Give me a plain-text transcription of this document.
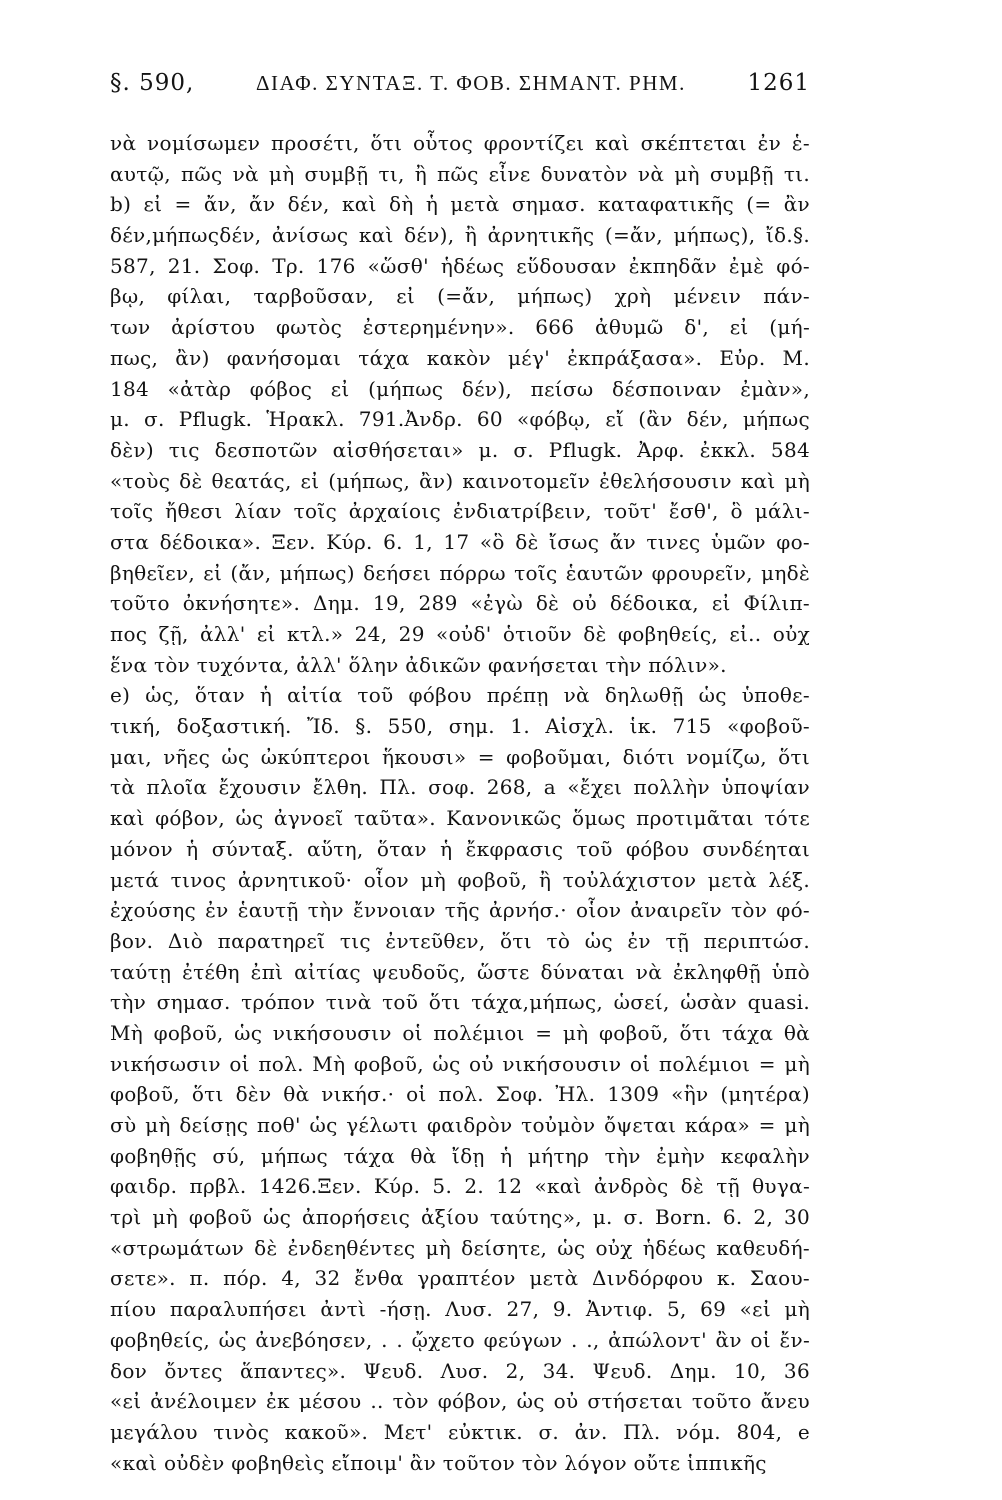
§. 590,	ΔΙΑΦ. ΣΥΝΤΑΞ. Τ. ΦΟΒ. ΣΗΜΑΝΤ. ΡΗΜ.	1261
νὰ νομίσωμεν προσέτι, ὅτι οὗτος φροντίζει καὶ σκέπτεται ἐν ἑ-
αυτῷ, πῶς νὰ μὴ συμβῇ τι, ἢ πῶς εἶνε δυνατὸν νὰ μὴ συμβῇ τι.
b) εἰ = ἄν, ἄν δέν, καὶ δὴ ἡ μετὰ σημασ. καταφατικῆς (= ἂν
δέν,μήπωςδέν, ἀνίσως καὶ δέν), ἢ ἀρνητικῆς (=ἄν, μήπως), ἴδ.§.
587, 21. Σοφ. Τρ. 176 «ὥσθ' ἡδέως εὕδουσαν ἐκπηδᾶν ἐμὲ φό-
βῳ, φίλαι, ταρβοῦσαν, εἰ (=ἄν, μήπως) χρὴ μένειν πάν-
των ἀρίστου φωτὸς ἐστερημένην». 666 ἀθυμῶ δ', εἰ (μή-
πως, ἂν) φανήσομαι τάχα κακὸν μέγ' ἐκπράξασα». Εὐρ. Μ.
184 «ἀτὰρ φόβος εἰ (μήπως δέν), πείσω δέσποιναν ἐμὰν»,
μ. σ. Pflugk. Ἡρακλ. 791.Ἀνδρ. 60 «φόβῳ, εἴ (ἂν δέν, μήπως
δὲν) τις δεσποτῶν αἰσθήσεται» μ. σ. Pflugk. Ἀρφ. ἐκκλ. 584
«τοὺς δὲ θεατάς, εἰ (μήπως, ἂν) καινοτομεῖν ἐθελήσουσιν καὶ μὴ
τοῖς ἤθεσι λίαν τοῖς ἀρχαίοις ἐνδιατρίβειν, τοῦτ' ἔσθ', ὃ μάλι-
στα δέδοικα». Ξεν. Κύρ. 6. 1, 17 «ὃ δὲ ἴσως ἄν τινες ὑμῶν φο-
βηθεῖεν, εἰ (ἄν, μήπως) δεήσει πόρρω τοῖς ἑαυτῶν φρουρεῖν, μηδὲ
τοῦτο ὀκνήσητε». Δημ. 19, 289 «ἐγὼ δὲ οὐ δέδοικα, εἰ Φίλιπ-
πος ζῇ, ἀλλ' εἰ κτλ.» 24, 29 «οὐδ' ὁτιοῦν δὲ φοβηθείς, εἰ.. οὐχ
ἕνα τὸν τυχόντα, ἀλλ' ὅλην ἀδικῶν φανήσεται τὴν πόλιν».
e) ὡς, ὅταν ἡ αἰτία τοῦ φόβου πρέπῃ νὰ δηλωθῇ ὡς ὑποθε-
τική, δοξαστική. Ἴδ. §. 550, σημ. 1. Αἰσχλ. ἱκ. 715 «φοβοῦ-
μαι, νῆες ὡς ὠκύπτεροι ἥκουσι» = φοβοῦμαι, διότι νομίζω, ὅτι
τὰ πλοῖα ἔχουσιν ἔλθη. Πλ. σοφ. 268, a «ἔχει πολλὴν ὑποψίαν
καὶ φόβον, ὡς ἀγνοεῖ ταῦτα». Κανονικῶς ὅμως προτιμᾶται τότε
μόνον ἡ σύνταξ. αὕτη, ὅταν ἡ ἔκφρασις τοῦ φόβου συνδέηται
μετά τινος ἀρνητικοῦ· οἷον μὴ φοβοῦ, ἢ τοὐλάχιστον μετὰ λέξ.
ἐχούσης ἐν ἑαυτῇ τὴν ἔννοιαν τῆς ἀρνήσ.· οἷον ἀναιρεῖν τὸν φό-
βον. Διὸ παρατηρεῖ τις ἐντεῦθεν, ὅτι τὸ ὡς ἐν τῇ περιπτώσ.
ταύτῃ ἐτέθη ἐπὶ αἰτίας ψευδοῦς, ὥστε δύναται νὰ ἐκληφθῇ ὑπὸ
τὴν σημασ. τρόπον τινὰ τοῦ ὅτι τάχα,μήπως, ὡσεί, ὡσὰν quasi.
Μὴ φοβοῦ, ὡς νικήσουσιν οἱ πολέμιοι = μὴ φοβοῦ, ὅτι τάχα θὰ
νικήσωσιν οἱ πολ. Μὴ φοβοῦ, ὡς οὐ νικήσουσιν οἱ πολέμιοι = μὴ
φοβοῦ, ὅτι δὲν θὰ νικήσ.· οἱ πολ. Σοφ. Ἠλ. 1309 «ἣν (μητέρα)
σὺ μὴ δείσῃς ποθ' ὡς γέλωτι φαιδρὸν τοὐμὸν ὄψεται κάρα» = μὴ
φοβηθῇς σύ, μήπως τάχα θὰ ἴδῃ ἡ μήτηρ τὴν ἐμὴν κεφαλὴν
φαιδρ. πρβλ. 1426.Ξεν. Κύρ. 5. 2. 12 «καὶ ἀνδρὸς δὲ τῇ θυγα-
τρὶ μὴ φοβοῦ ὡς ἀπορήσεις ἀξίου ταύτης», μ. σ. Born. 6. 2, 30
«στρωμάτων δὲ ἐνδεηθέντες μὴ δείσητε, ὡς οὐχ ἡδέως καθευδή-
σετε». π. πόρ. 4, 32 ἔνθα γραπτέον μετὰ Δινδόρφου κ. Σαου-
πίου παραλυπήσει ἀντὶ -ήσῃ. Λυσ. 27, 9. Ἀντιφ. 5, 69 «εἰ μὴ
φοβηθείς, ὡς ἀνεβόησεν, . . ᾤχετο φεύγων . ., ἀπώλοντ' ἂν οἱ ἔν-
δον ὄντες ἅπαντες». Ψευδ. Λυσ. 2, 34. Ψευδ. Δημ. 10, 36
«εἰ ἀνέλοιμεν ἐκ μέσου .. τὸν φόβον, ὡς οὐ στήσεται τοῦτο ἄνευ
μεγάλου τινὸς κακοῦ». Μετ' εὐκτικ. σ. ἀν. Πλ. νόμ. 804, e
«καὶ οὐδὲν φοβηθεὶς εἴποιμ' ἂν τοῦτον τὸν λόγον οὔτε ἱππικῆς
